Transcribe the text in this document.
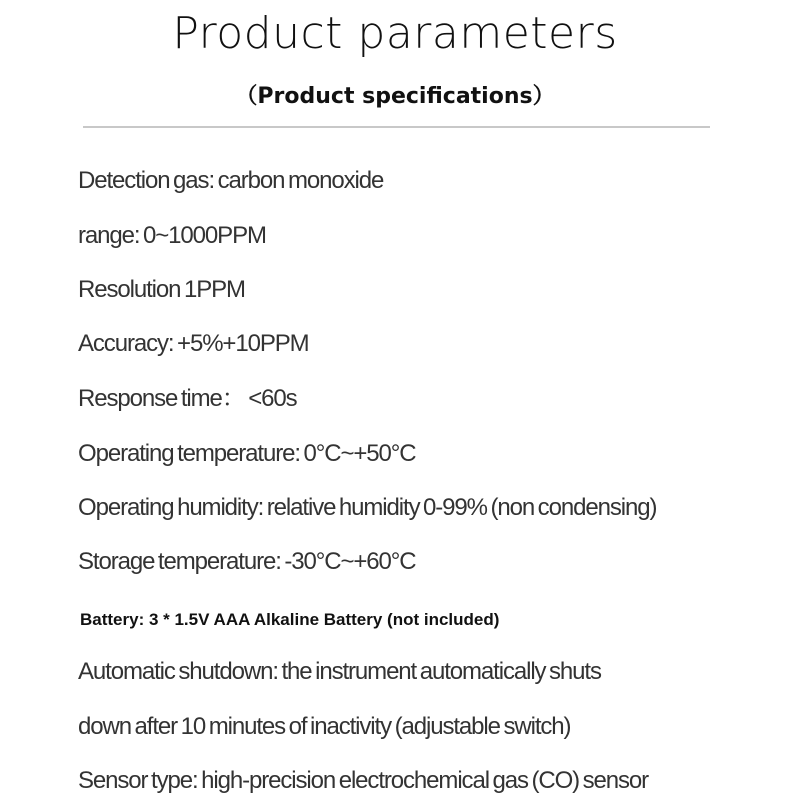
Product parameters
（Product specifications）
Detection gas: carbon monoxide
range: 0~1000PPM
Resolution 1PPM
Accuracy: +5%+10PPM
Response time： <60s
Operating temperature: 0°C~+50°C
Operating humidity: relative humidity 0-99% (non condensing)
Storage temperature: -30°C~+60°C
Battery: 3 * 1.5V AAA Alkaline Battery (not included)
Automatic shutdown: the instrument automatically shuts
down after 10 minutes of inactivity (adjustable switch)
Sensor type: high-precision electrochemical gas (CO) sensor
